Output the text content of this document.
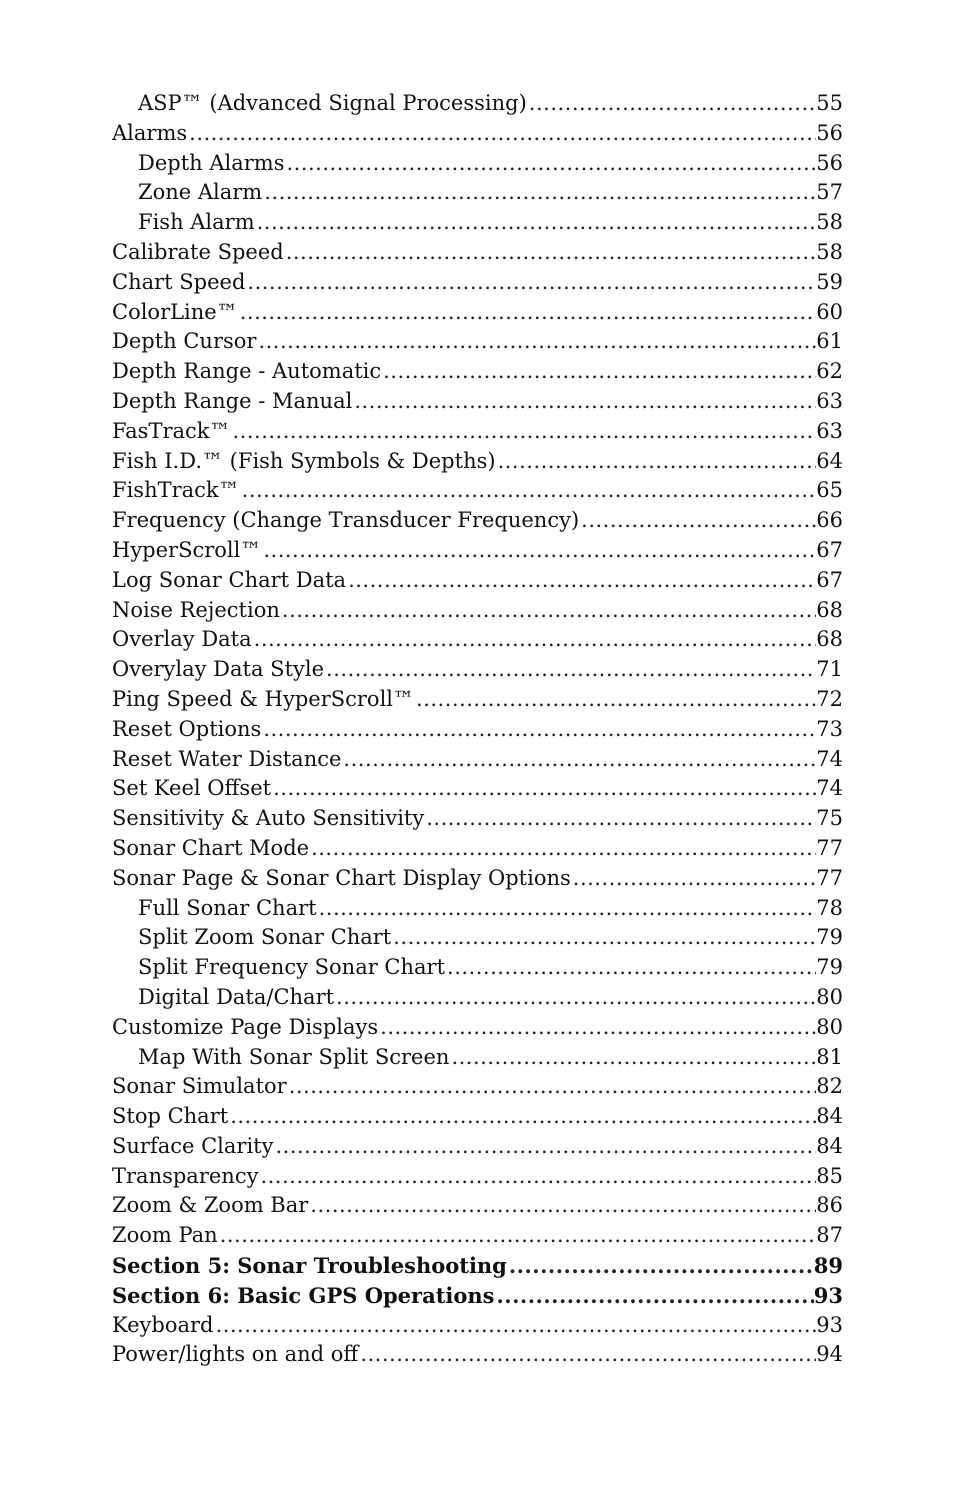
ASP™ (Advanced Signal Processing) .....	55
Alarms .....	56
Depth Alarms .....	56
Zone Alarm .....	57
Fish Alarm .....	58
Calibrate Speed .....	58
Chart Speed .....	59
ColorLine™ .....	60
Depth Cursor .....	61
Depth Range - Automatic .....	62
Depth Range - Manual .....	63
FasTrack™ .....	63
Fish I.D.™ (Fish Symbols & Depths) .....	64
FishTrack™ .....	65
Frequency (Change Transducer Frequency) .....	66
HyperScroll™ .....	67
Log Sonar Chart Data .....	67
Noise Rejection .....	68
Overlay Data .....	68
Overylay Data Style .....	71
Ping Speed & HyperScroll™ .....	72
Reset Options .....	73
Reset Water Distance .....	74
Set Keel Offset .....	74
Sensitivity & Auto Sensitivity .....	75
Sonar Chart Mode .....	77
Sonar Page & Sonar Chart Display Options .....	77
Full Sonar Chart .....	78
Split Zoom Sonar Chart .....	79
Split Frequency Sonar Chart .....	79
Digital Data/Chart .....	80
Customize Page Displays .....	80
Map With Sonar Split Screen .....	81
Sonar Simulator .....	82
Stop Chart .....	84
Surface Clarity .....	84
Transparency .....	85
Zoom & Zoom Bar .....	86
Zoom Pan .....	87
Section 5: Sonar Troubleshooting .....	89
Section 6: Basic GPS Operations .....	93
Keyboard .....	93
Power/lights on and off .....	94
